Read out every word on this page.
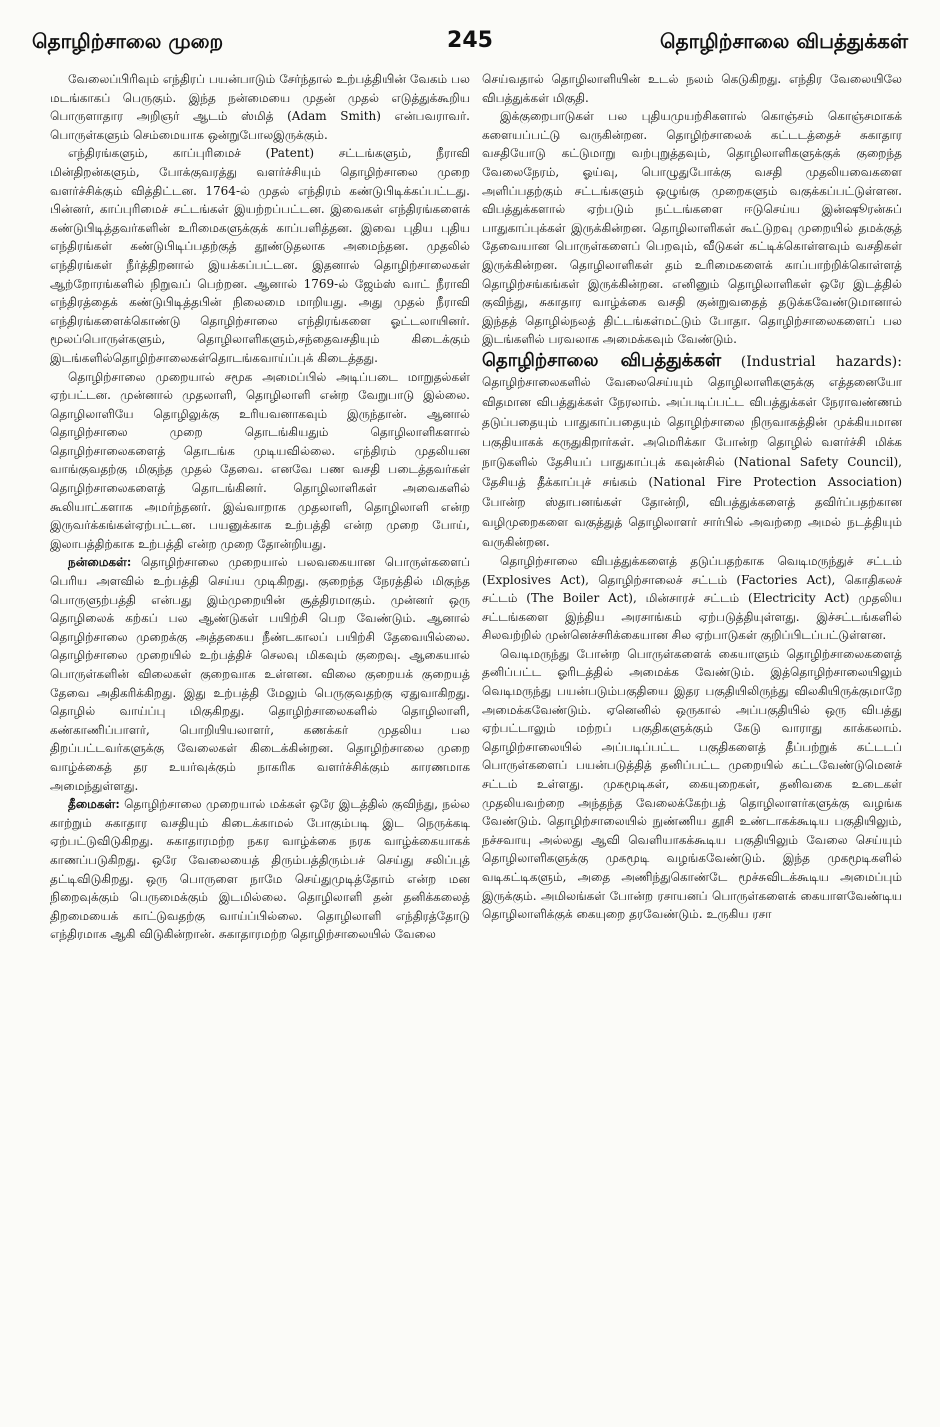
தொழிற்சாலை முறை	245	தொழிற்சாலை விபத்துக்கள்

வேலைப்பிரிவும் எந்திரப் பயன்பாடும் சேர்ந்தால் உற்பத்தியின் வேகம் பல மடங்காகப் பெருகும். இந்த நன்மையை முதன் முதல் எடுத்துக்கூறிய பொருளாதார அறிஞர் ஆடம் ஸ்மித் (Adam Smith) என்பவராவர். பொருள்களும் செம்மையாக ஒன்றுபோலஇருக்கும்.

எந்திரங்களும், காப்புரிமைச் (Patent) சட்டங்களும், நீராவி மின்திறன்களும், போக்குவரத்து வளர்ச்சியும் தொழிற்சாலை முறை வளர்ச்சிக்கும் வித்திட்டன. 1764-ல் முதல் எந்திரம் கண்டுபிடிக்கப்பட்டது. பின்னர், காப்புரிமைச் சட்டங்கள் இயற்றப்பட்டன. இவைகள் எந்திரங்களைக் கண்டுபிடித்தவர்களின் உரிமைகளுக்குக் காப்பளித்தன. இவை புதிய புதிய எந்திரங்கள் கண்டுபிடிப்பதற்குத் தூண்டுதலாக அமைந்தன. முதலில் எந்திரங்கள் நீர்த்திறனால் இயக்கப்பட்டன. இதனால் தொழிற்சாலைகள் ஆற்றோரங்களில் நிறுவப் பெற்றன. ஆனால் 1769-ல் ஜேம்ஸ் வாட் நீராவி எந்திரத்தைக் கண்டுபிடித்தபின் நிலைமை மாறியது. அது முதல் நீராவி எந்திரங்களைக்கொண்டு தொழிற்சாலை எந்திரங்களை ஓட்டலாயினர். மூலப்பொருள்களும், தொழிலாளிகளும்,சந்தைவசதியும் கிடைக்கும் இடங்களில்தொழிற்சாலைகள்தொடங்கவாய்ப்புக் கிடைத்தது.

தொழிற்சாலை முறையால் சமூக அமைப்பில் அடிப்படை மாறுதல்கள் ஏற்பட்டன. முன்னால் முதலாளி, தொழிலாளி என்ற வேறுபாடு இல்லை. தொழிலாளியே தொழிலுக்கு உரியவனாகவும் இருந்தான். ஆனால் தொழிற்சாலை முறை தொடங்கியதும் தொழிலாளிகளால் தொழிற்சாலைகளைத் தொடங்க முடியவில்லை. எந்திரம் முதலியன வாங்குவதற்கு மிகுந்த முதல் தேவை. எனவே பண வசதி படைத்தவர்கள் தொழிற்சாலைகளைத் தொடங்கினர். தொழிலாளிகள் அவைகளில் கூலியாட்களாக அமர்ந்தனர். இவ்வாறாக முதலாளி, தொழிலாளி என்ற இருவர்க்கங்கள்ஏற்பட்டன. பயனுக்காக உற்பத்தி என்ற முறை போய், இலாபத்திற்காக உற்பத்தி என்ற முறை தோன்றியது.

நன்மைகள்: தொழிற்சாலை முறையால் பலவகையான பொருள்களைப் பெரிய அளவில் உற்பத்தி செய்ய முடிகிறது. குறைந்த நேரத்தில் மிகுந்த பொருளுற்பத்தி என்பது இம்முறையின் சூத்திரமாகும். முன்னர் ஒரு தொழிலைக் கற்கப் பல ஆண்டுகள் பயிற்சி பெற வேண்டும். ஆனால் தொழிற்சாலை முறைக்கு அத்தகைய நீண்டகாலப் பயிற்சி தேவையில்லை. தொழிற்சாலை முறையில் உற்பத்திச் செலவு மிகவும் குறைவு. ஆகையால் பொருள்களின் விலைகள் குறைவாக உள்ளன. விலை குறையக் குறையத் தேவை அதிகரிக்கிறது. இது உற்பத்தி மேலும் பெருகுவதற்கு ஏதுவாகிறது. தொழில் வாய்ப்பு மிகுகிறது. தொழிற்சாலைகளில் தொழிலாளி, கண்காணிப்பாளர், பொறியியலாளர், கணக்கர் முதலிய பல திறப்பட்டவர்களுக்கு வேலைகள் கிடைக்கின்றன. தொழிற்சாலை முறை வாழ்க்கைத் தர உயர்வுக்கும் நாகரிக வளர்ச்சிக்கும் காரணமாக அமைந்துள்ளது.

தீமைகள்: தொழிற்சாலை முறையால் மக்கள் ஒரே இடத்தில் குவிந்து, நல்ல காற்றும் சுகாதார வசதியும் கிடைக்காமல் போகும்படி இட நெருக்கடி ஏற்பட்டுவிடுகிறது. சுகாதாரமற்ற நகர வாழ்க்கை நரக வாழ்க்கையாகக் காணப்படுகிறது. ஒரே வேலையைத் திரும்பத்திரும்பச் செய்து சலிப்புத் தட்டிவிடுகிறது. ஒரு பொருளை நாமே செய்துமுடித்தோம் என்ற மன நிறைவுக்கும் பெருமைக்கும் இடமில்லை. தொழிலாளி தன் தனிக்கலைத் திறமையைக் காட்டுவதற்கு வாய்ப்பில்லை. தொழிலாளி எந்திரத்தோடு எந்திரமாக ஆகி விடுகின்றான். சுகாதாரமற்ற தொழிற்சாலையில் வேலை

செய்வதால் தொழிலாளியின் உடல் நலம் கெடுகிறது. எந்திர வேலையிலே விபத்துக்கள் மிகுதி.

இக்குறைபாடுகள் பல புதியமுயற்சிகளால் கொஞ்சம் கொஞ்சமாகக் களையப்பட்டு வருகின்றன. தொழிற்சாலைக் கட்டடத்தைச் சுகாதார வசதியோடு கட்டுமாறு வற்புறுத்தவும், தொழிலாளிகளுக்குக் குறைந்த வேலைநேரம், ஓய்வு, பொழுதுபோக்கு வசதி முதலியவைகளை அளிப்பதற்கும் சட்டங்களும் ஒழுங்கு முறைகளும் வகுக்கப்பட்டுள்ளன. விபத்துக்களால் ஏற்படும் நட்டங்களை ஈடுசெய்ய இன்ஷூரன்சுப் பாதுகாப்புக்கள் இருக்கின்றன. தொழிலாளிகள் கூட்டுறவு முறையில் தமக்குத் தேவையான பொருள்களைப் பெறவும், வீடுகள் கட்டிக்கொள்ளவும் வசதிகள் இருக்கின்றன. தொழிலாளிகள் தம் உரிமைகளைக் காப்பாற்றிக்கொள்ளத் தொழிற்சங்கங்கள் இருக்கின்றன. எனினும் தொழிலாளிகள் ஒரே இடத்தில் குவிந்து, சுகாதார வாழ்க்கை வசதி குன்றுவதைத் தடுக்கவேண்டுமானால் இந்தத் தொழில்நலத் திட்டங்கள்மட்டும் போதா. தொழிற்சாலைகளைப் பல இடங்களில் பரவலாக அமைக்கவும் வேண்டும்.

தொழிற்சாலை விபத்துக்கள் (Industrial hazards): தொழிற்சாலைகளில் வேலைசெய்யும் தொழிலாளிகளுக்கு எத்தனையோ விதமான விபத்துக்கள் நேரலாம். அப்படிப்பட்ட விபத்துக்கள் நேராவண்ணம் தடுப்பதையும் பாதுகாப்பதையும் தொழிற்சாலை நிருவாகத்தின் முக்கியமான பகுதியாகக் கருதுகிறார்கள். அமெரிக்கா போன்ற தொழில் வளர்ச்சி மிக்க நாடுகளில் தேசியப் பாதுகாப்புக் கவுன்சில் (National Safety Council), தேசியத் தீக்காப்புச் சங்கம் (National Fire Protection Association) போன்ற ஸ்தாபனங்கள் தோன்றி, விபத்துக்களைத் தவிர்ப்பதற்கான வழிமுறைகளை வகுத்துத் தொழிலாளர் சார்பில் அவற்றை அமல் நடத்தியும் வருகின்றன.

தொழிற்சாலை விபத்துக்களைத் தடுப்பதற்காக வெடிமருந்துச் சட்டம் (Explosives Act), தொழிற்சாலைச் சட்டம் (Factories Act), கொதிகலச் சட்டம் (The Boiler Act), மின்சாரச் சட்டம் (Electricity Act) முதலிய சட்டங்களை இந்திய அரசாங்கம் ஏற்படுத்தியுள்ளது. இச்சட்டங்களில் சிலவற்றில் முன்னெச்சரிக்கையான சில ஏற்பாடுகள் குறிப்பிடப்பட்டுள்ளன.

வெடிமருந்து போன்ற பொருள்களைக் கையாளும் தொழிற்சாலைகளைத் தனிப்பட்ட ஓரிடத்தில் அமைக்க வேண்டும். இத்தொழிற்சாலையிலும் வெடிமருந்து பயன்படும்பகுதியை இதர பகுதியிலிருந்து விலகியிருக்குமாறே அமைக்கவேண்டும். ஏனெனில் ஒருகால் அப்பகுதியில் ஒரு விபத்து ஏற்பட்டாலும் மற்றப் பகுதிகளுக்கும் கேடு வாராது காக்கலாம். தொழிற்சாலையில் அப்படிப்பட்ட பகுதிகளைத் தீப்பற்றுக் கட்டடப் பொருள்களைப் பயன்படுத்தித் தனிப்பட்ட முறையில் கட்டவேண்டுமெனச் சட்டம் உள்ளது. முகமூடிகள், கையுறைகள், தனிவகை உடைகள் முதலியவற்றை அந்தந்த வேலைக்கேற்பத் தொழிலாளர்களுக்கு வழங்க வேண்டும். தொழிற்சாலையில் நுண்ணிய தூசி உண்டாகக்கூடிய பகுதியிலும், நச்சவாயு அல்லது ஆவி வெளியாகக்கூடிய பகுதியிலும் வேலை செய்யும் தொழிலாளிகளுக்கு முகமூடி வழங்கவேண்டும். இந்த முகமூடிகளில் வடிகட்டிகளும், அதை அணிந்துகொண்டே மூச்சுவிடக்கூடிய அமைப்பும் இருக்கும். அமிலங்கள் போன்ற ரசாயனப் பொருள்களைக் கையாளவேண்டிய தொழிலாளிக்குக் கையுறை தரவேண்டும். உருகிய ரசா
